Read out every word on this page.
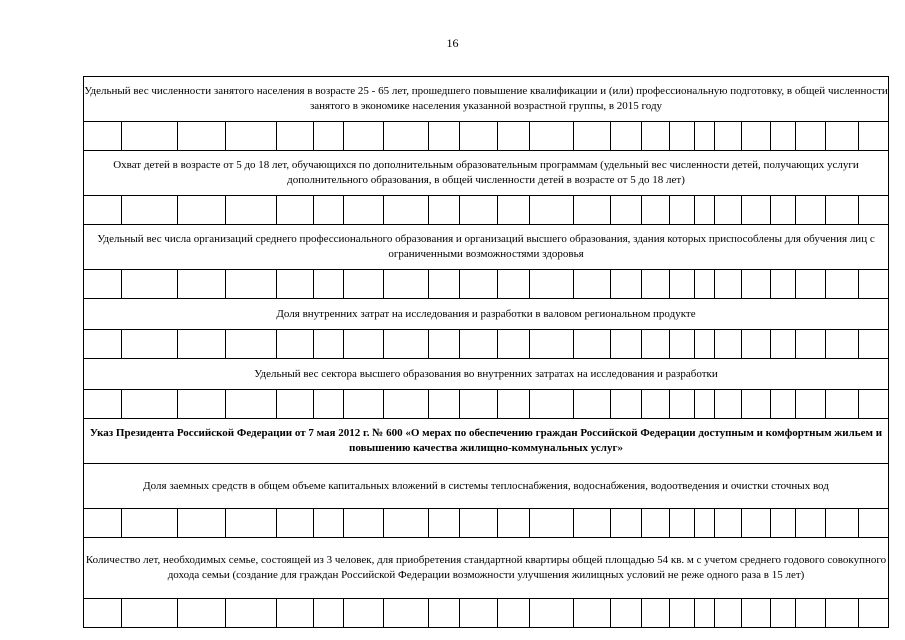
16
Удельный вес численности занятого населения в возрасте 25 - 65 лет, прошедшего повышение квалификации и (или) профессиональную подготовку, в общей численности занятого в экономике населения указанной возрастной группы, в 2015 году																						

Охват детей в возрасте от 5 до 18 лет, обучающихся по дополнительным образовательным программам (удельный вес численности детей, получающих услуги дополнительного образования, в общей численности детей в возрасте от 5 до 18 лет)																						

Удельный вес числа организаций среднего профессионального образования и организаций высшего образования, здания которых приспособлены для обучения лиц с ограниченными возможностями здоровья																						

Доля внутренних затрат на исследования и разработки в валовом региональном продукте																						

Удельный вес сектора высшего образования во внутренних затратах на исследования и разработки																						

Указ Президента Российской Федерации от 7 мая 2012 г. № 600 «О мерах по обеспечению граждан Российской Федерации доступным и комфортным жильем и повышению качества жилищно-коммунальных услуг»																						
Доля заемных средств в общем объеме капитальных вложений в системы теплоснабжения, водоснабжения, водоотведения и очистки сточных вод																						

Количество лет, необходимых семье, состоящей из 3 человек, для приобретения стандартной квартиры общей площадью 54 кв. м с учетом среднего годового совокупного дохода семьи (создание для граждан Российской Федерации возможности улучшения жилищных условий не реже одного раза в 15 лет)																						
